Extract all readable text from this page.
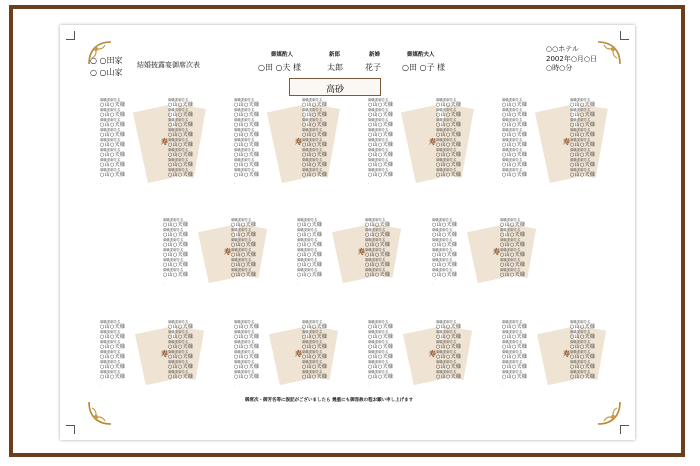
○ ○田家
○ ○山家
結婚披露宴御席次表
御媒酌人	新郎	新婦	御媒酌夫人
○田 ○夫 様	太郎	花子	○田 ○子 様
○○ホテル
2002年○月○日
○時○分
高砂
寿
御職業御芳名
○山○夫様
御職業御芳名
○山○夫様
御職業御芳名
○山○夫様
御職業御芳名
○山○夫様
御職業御芳名
○山○夫様
御職業御芳名
○山○夫様
御職業御芳名
○山○夫様
御職業御芳名
○山○夫様
御職業御芳名
○山○夫様
御職業御芳名
○山○夫様
御職業御芳名
○山○夫様
御職業御芳名
○山○夫様
御職業御芳名
○山○夫様
御職業御芳名
○山○夫様
御職業御芳名
○山○夫様
御職業御芳名
○山○夫様
.
寿
御職業御芳名
○山○夫様
御職業御芳名
○山○夫様
御職業御芳名
○山○夫様
御職業御芳名
○山○夫様
御職業御芳名
○山○夫様
御職業御芳名
○山○夫様
御職業御芳名
○山○夫様
御職業御芳名
○山○夫様
御職業御芳名
○山○夫様
御職業御芳名
○山○夫様
御職業御芳名
○山○夫様
御職業御芳名
○山○夫様
御職業御芳名
○山○夫様
御職業御芳名
○山○夫様
御職業御芳名
○山○夫様
御職業御芳名
○山○夫様
.
寿
御職業御芳名
○山○夫様
御職業御芳名
○山○夫様
御職業御芳名
○山○夫様
御職業御芳名
○山○夫様
御職業御芳名
○山○夫様
御職業御芳名
○山○夫様
御職業御芳名
○山○夫様
御職業御芳名
○山○夫様
御職業御芳名
○山○夫様
御職業御芳名
○山○夫様
御職業御芳名
○山○夫様
御職業御芳名
○山○夫様
御職業御芳名
○山○夫様
御職業御芳名
○山○夫様
御職業御芳名
○山○夫様
御職業御芳名
○山○夫様
.
寿
御職業御芳名
○山○夫様
御職業御芳名
○山○夫様
御職業御芳名
○山○夫様
御職業御芳名
○山○夫様
御職業御芳名
○山○夫様
御職業御芳名
○山○夫様
御職業御芳名
○山○夫様
御職業御芳名
○山○夫様
御職業御芳名
○山○夫様
御職業御芳名
○山○夫様
御職業御芳名
○山○夫様
御職業御芳名
○山○夫様
御職業御芳名
○山○夫様
御職業御芳名
○山○夫様
御職業御芳名
○山○夫様
御職業御芳名
○山○夫様
.
寿
御職業御芳名
○山○夫様
御職業御芳名
○山○夫様
御職業御芳名
○山○夫様
御職業御芳名
○山○夫様
御職業御芳名
○山○夫様
御職業御芳名
○山○夫様
御職業御芳名
○山○夫様
御職業御芳名
○山○夫様
御職業御芳名
○山○夫様
御職業御芳名
○山○夫様
御職業御芳名
○山○夫様
御職業御芳名
○山○夫様
.
寿
御職業御芳名
○山○夫様
御職業御芳名
○山○夫様
御職業御芳名
○山○夫様
御職業御芳名
○山○夫様
御職業御芳名
○山○夫様
御職業御芳名
○山○夫様
御職業御芳名
○山○夫様
御職業御芳名
○山○夫様
御職業御芳名
○山○夫様
御職業御芳名
○山○夫様
御職業御芳名
○山○夫様
御職業御芳名
○山○夫様
.
寿
御職業御芳名
○山○夫様
御職業御芳名
○山○夫様
御職業御芳名
○山○夫様
御職業御芳名
○山○夫様
御職業御芳名
○山○夫様
御職業御芳名
○山○夫様
御職業御芳名
○山○夫様
御職業御芳名
○山○夫様
御職業御芳名
○山○夫様
御職業御芳名
○山○夫様
御職業御芳名
○山○夫様
御職業御芳名
○山○夫様
.
寿
御職業御芳名
○山○夫様
御職業御芳名
○山○夫様
御職業御芳名
○山○夫様
御職業御芳名
○山○夫様
御職業御芳名
○山○夫様
御職業御芳名
○山○夫様
御職業御芳名
○山○夫様
御職業御芳名
○山○夫様
御職業御芳名
○山○夫様
御職業御芳名
○山○夫様
御職業御芳名
○山○夫様
御職業御芳名
○山○夫様
.
寿
御職業御芳名
○山○夫様
御職業御芳名
○山○夫様
御職業御芳名
○山○夫様
御職業御芳名
○山○夫様
御職業御芳名
○山○夫様
御職業御芳名
○山○夫様
御職業御芳名
○山○夫様
御職業御芳名
○山○夫様
御職業御芳名
○山○夫様
御職業御芳名
○山○夫様
御職業御芳名
○山○夫様
御職業御芳名
○山○夫様
.
寿
御職業御芳名
○山○夫様
御職業御芳名
○山○夫様
御職業御芳名
○山○夫様
御職業御芳名
○山○夫様
御職業御芳名
○山○夫様
御職業御芳名
○山○夫様
御職業御芳名
○山○夫様
御職業御芳名
○山○夫様
御職業御芳名
○山○夫様
御職業御芳名
○山○夫様
御職業御芳名
○山○夫様
御職業御芳名
○山○夫様
.
寿
御職業御芳名
○山○夫様
御職業御芳名
○山○夫様
御職業御芳名
○山○夫様
御職業御芳名
○山○夫様
御職業御芳名
○山○夫様
御職業御芳名
○山○夫様
御職業御芳名
○山○夫様
御職業御芳名
○山○夫様
御職業御芳名
○山○夫様
御職業御芳名
○山○夫様
御職業御芳名
○山○夫様
御職業御芳名
○山○夫様
.
御席次・御芳名等に誤記がございましたら 幾重にも御容赦の程お願い申し上げます
